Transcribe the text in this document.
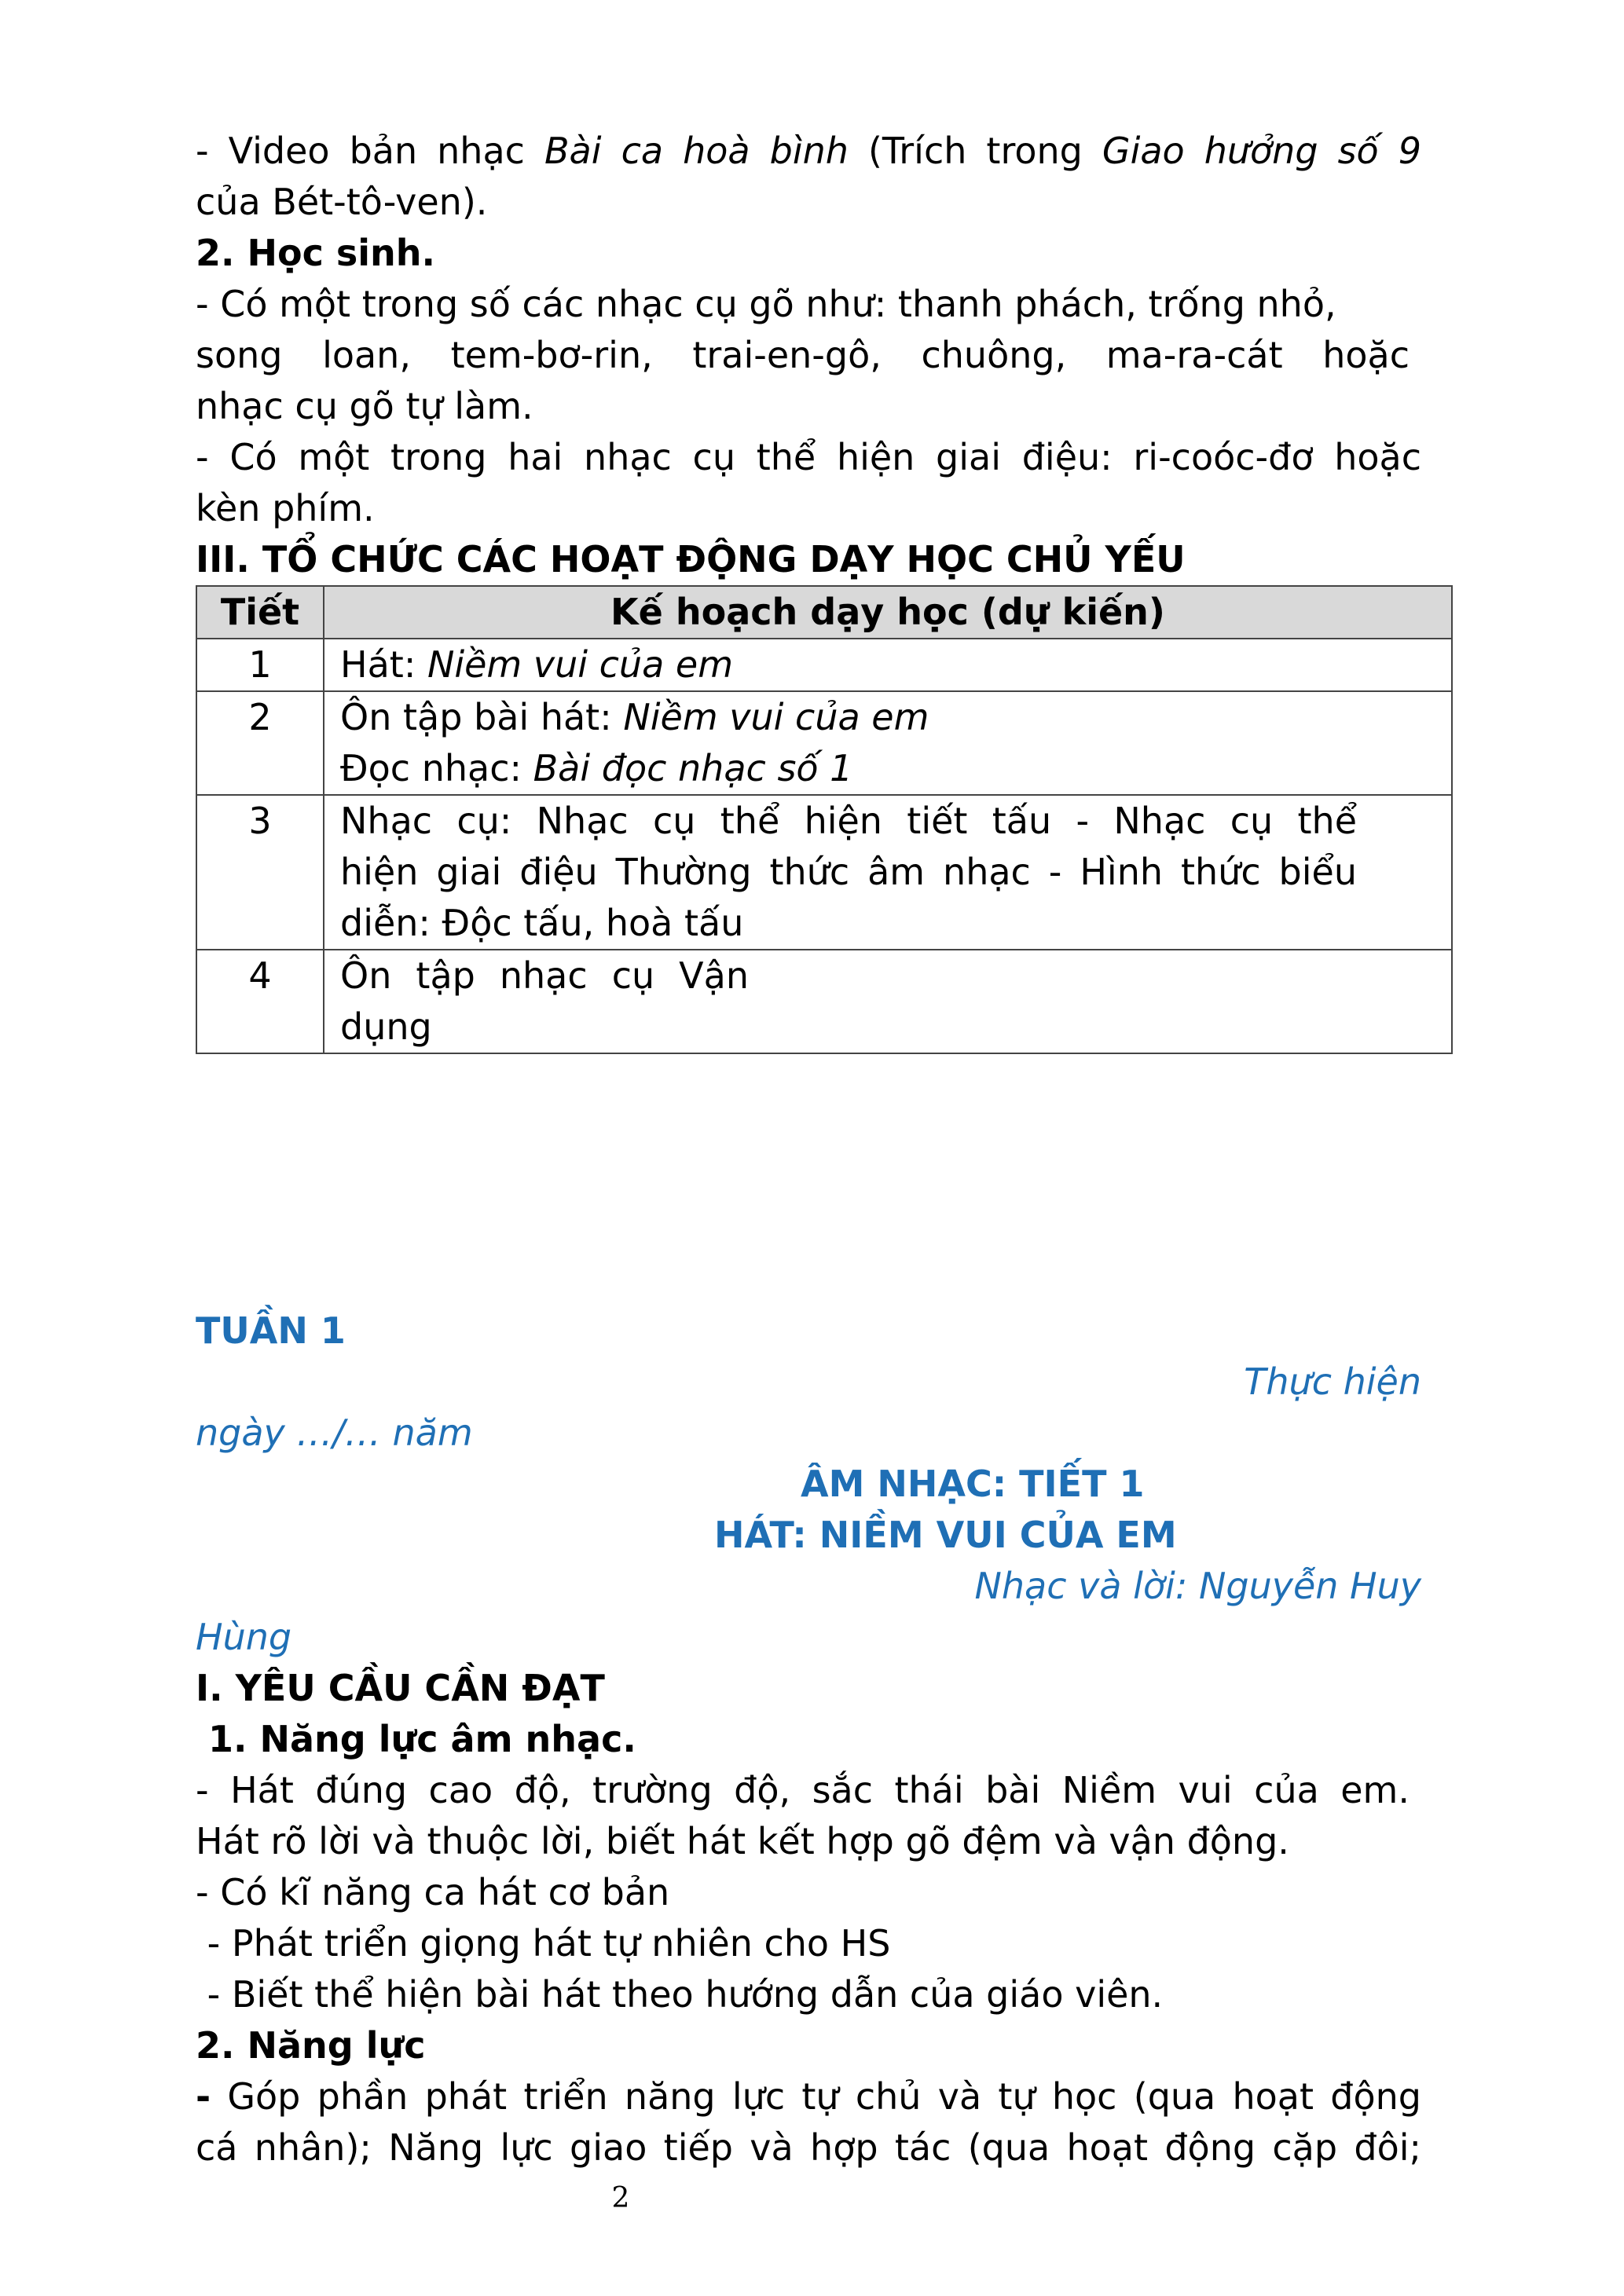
- Video bản nhạc Bài ca hoà bình (Trích trong Giao hưởng số 9

của Bét-tô-ven).

2. Học sinh.

- Có một trong số các nhạc cụ gõ như: thanh phách, trống nhỏ,

song loan, tem-bơ-rin, trai-en-gô, chuông, ma-ra-cát hoặc

nhạc cụ gõ tự làm.

- Có một trong hai nhạc cụ thể hiện giai điệu: ri-coóc-đơ hoặc

kèn phím.

III. TỔ CHỨC CÁC HOẠT ĐỘNG DẠY HỌC CHỦ YẾU

Tiết	Kế hoạch dạy học (dự kiến)
1	Hát: Niềm vui của em
2	Ôn tập bài hát: Niềm vui của em
Đọc nhạc: Bài đọc nhạc số 1

3	Nhạc cụ: Nhạc cụ thể hiện tiết tấu - Nhạc cụ thể
hiện giai điệu Thường thức âm nhạc - Hình thức biểu
diễn: Độc tấu, hoà tấu

4	Ôn tập nhạc cụ Vận
dụng

TUẦN 1

Thực hiện

ngày …/… năm

ÂM NHẠC: TIẾT 1

HÁT: NIỀM VUI CỦA EM

Nhạc và lời: Nguyễn Huy

Hùng

I. YÊU CẦU CẦN ĐẠT

1. Năng lực âm nhạc.

- Hát đúng cao độ, trường độ, sắc thái bài Niềm vui của em.

Hát rõ lời và thuộc lời, biết hát kết hợp gõ đệm và vận động.

- Có kĩ năng ca hát cơ bản

- Phát triển giọng hát tự nhiên cho HS

- Biết thể hiện bài hát theo hướng dẫn của giáo viên.

2. Năng lực

- Góp phần phát triển năng lực tự chủ và tự học (qua hoạt động

cá nhân); Năng lực giao tiếp và hợp tác (qua hoạt động cặp đôi;

2
